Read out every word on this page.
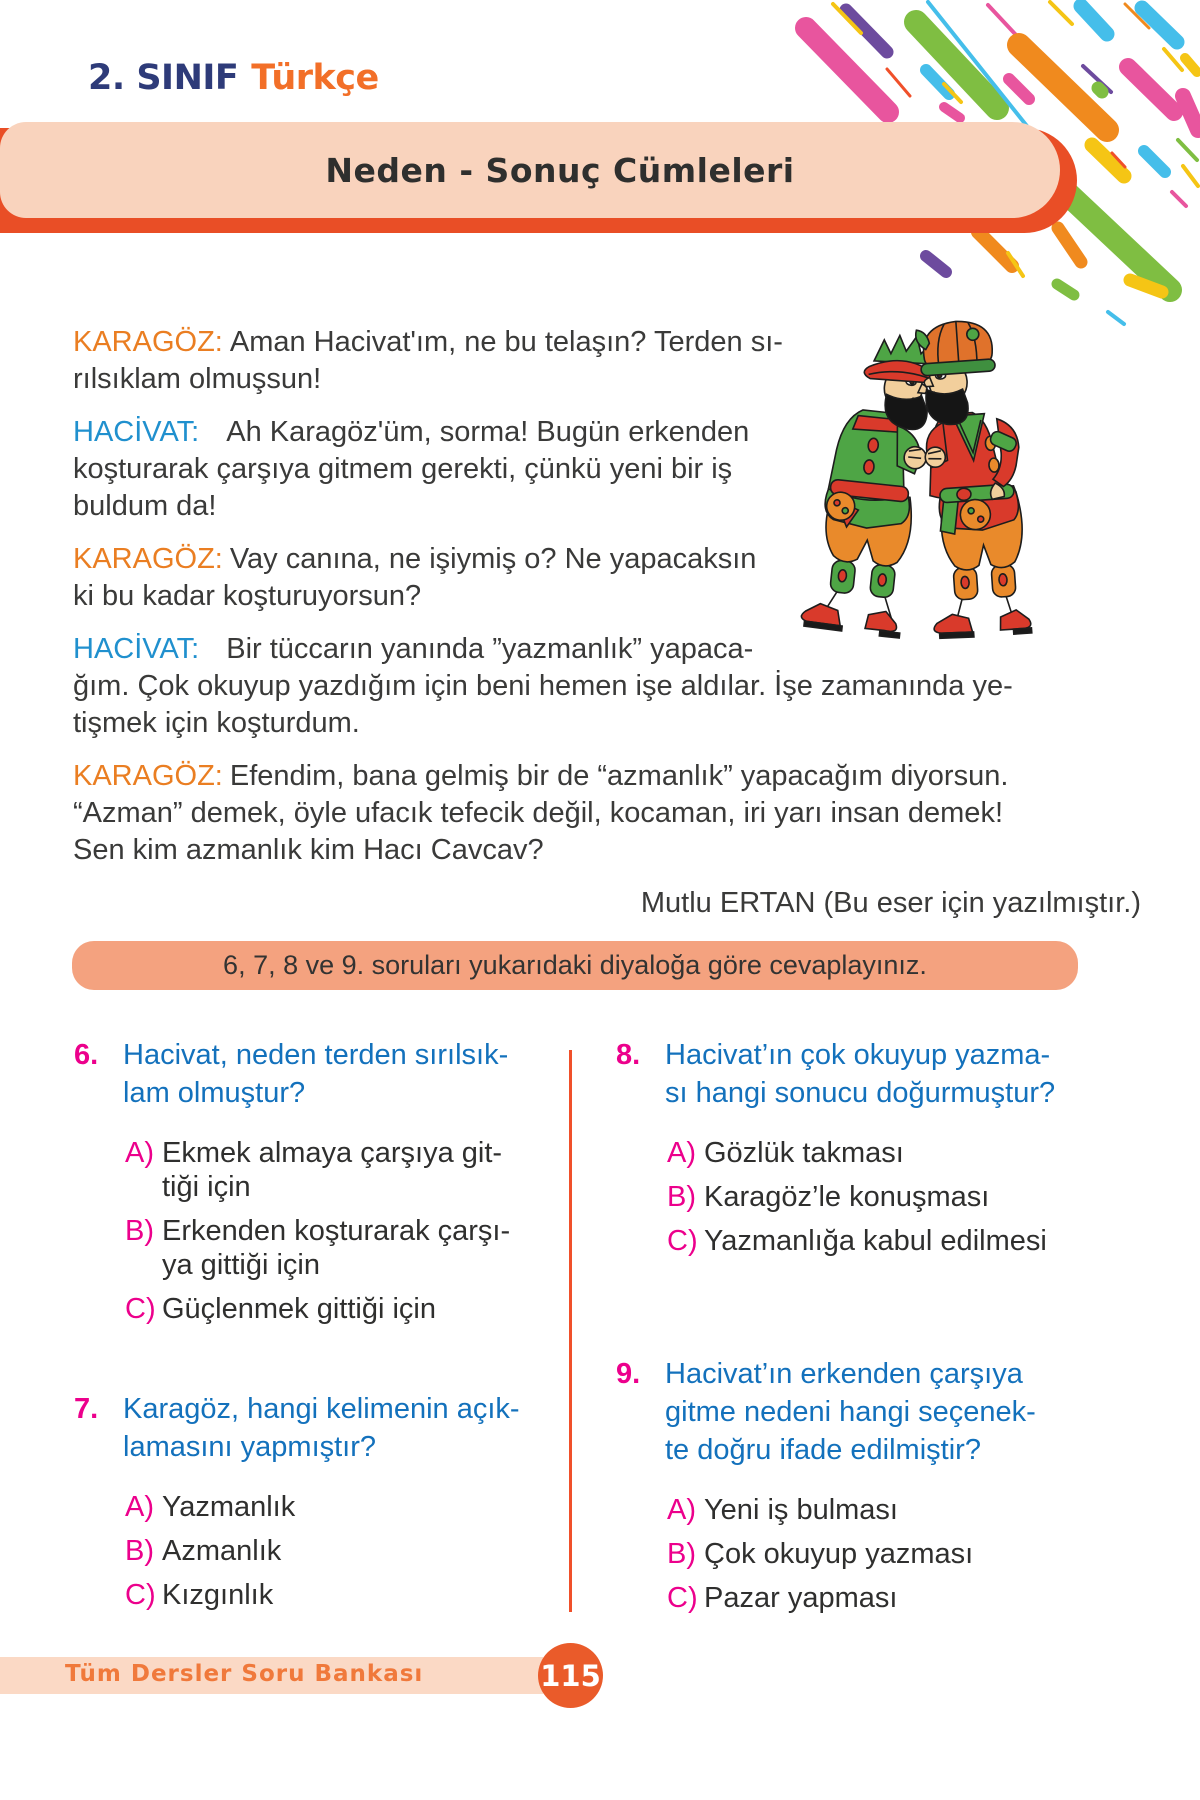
2. SINIF Türkçe
Neden - Sonuç Cümleleri
KARAGÖZ: Aman Hacivat'ım, ne bu telaşın? Terden sı-
rılsıklam olmuşsun!
HACİVAT: Ah Karagöz'üm, sorma! Bugün erkenden
koşturarak çarşıya gitmem gerekti, çünkü yeni bir iş
buldum da!
KARAGÖZ: Vay canına, ne işiymiş o? Ne yapacaksın
ki bu kadar koşturuyorsun?
HACİVAT: Bir tüccarın yanında ”yazmanlık” yapaca-
ğım. Çok okuyup yazdığım için beni hemen işe aldılar. İşe zamanında ye-
tişmek için koşturdum.
KARAGÖZ: Efendim, bana gelmiş bir de “azmanlık” yapacağım diyorsun.
“Azman” demek, öyle ufacık tefecik değil, kocaman, iri yarı insan demek!
Sen kim azmanlık kim Hacı Cavcav?
Mutlu ERTAN (Bu eser için yazılmıştır.)
6, 7, 8 ve 9. soruları yukarıdaki diyaloğa göre cevaplayınız.
6. Hacivat, neden terden sırılsık-
lam olmuştur?
A) Ekmek almaya çarşıya git-
tiği için
B) Erkenden koşturarak çarşı-
ya gittiği için
C) Güçlenmek gittiği için
7. Karagöz, hangi kelimenin açık-
lamasını yapmıştır?
A) Yazmanlık
B) Azmanlık
C) Kızgınlık
8. Hacivat’ın çok okuyup yazma-
sı hangi sonucu doğurmuştur?
A) Gözlük takması
B) Karagöz’le konuşması
C) Yazmanlığa kabul edilmesi
9. Hacivat’ın erkenden çarşıya
gitme nedeni hangi seçenek-
te doğru ifade edilmiştir?
A) Yeni iş bulması
B) Çok okuyup yazması
C) Pazar yapması
Tüm Dersler Soru Bankası	115
